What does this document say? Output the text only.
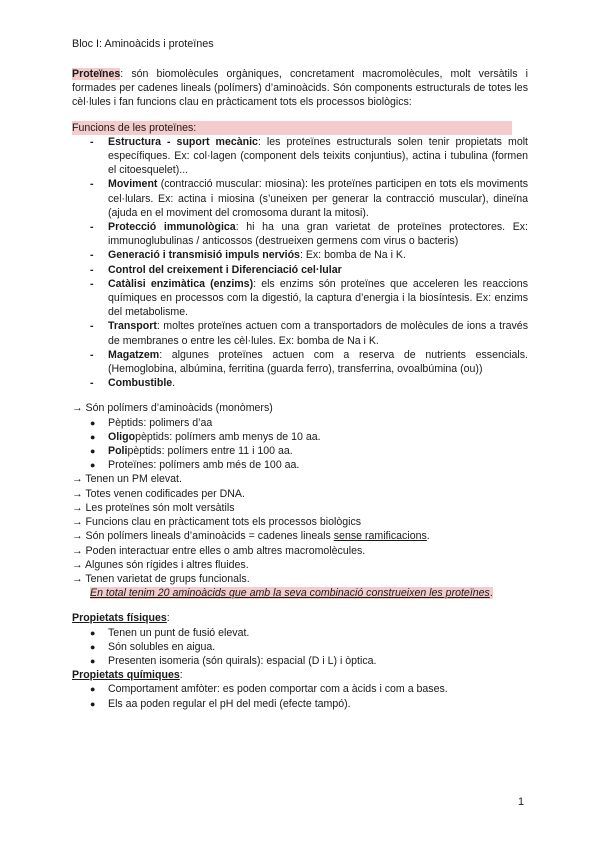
Bloc I: Aminoàcids i proteïnes

Proteïnes: són biomolècules orgàniques, concretament macromolècules, molt versàtils i formades per cadenes lineals (polímers) d’aminoàcids. Són components estructurals de totes les cèl·lules i fan funcions clau en pràcticament tots els processos biològics:

Funcions de les proteïnes:
- Estructura - suport mecànic: les proteïnes estructurals solen tenir propietats molt específiques. Ex: col·lagen (component dels teixits conjuntius), actina i tubulina (formen el citoesquelet)...
- Moviment (contracció muscular: miosina): les proteïnes participen en tots els moviments cel·lulars. Ex: actina i miosina (s’uneixen per generar la contracció muscular), dineïna (ajuda en el moviment del cromosoma durant la mitosi).
- Protecció immunològica: hi ha una gran varietat de proteïnes protectores. Ex: immunoglubulinas / anticossos (destrueixen germens com virus o bacteris)
- Generació i transmisió impuls nerviós: Ex: bomba de Na i K.
- Control del creixement i Diferenciació cel·lular
- Catàlisi enzimàtica (enzims): els enzims són proteïnes que acceleren les reaccions químiques en processos com la digestió, la captura d’energia i la biosíntesis. Ex: enzims del metabolisme.
- Transport: moltes proteïnes actuen com a transportadors de molècules de ions a través de membranes o entre les cèl·lules. Ex: bomba de Na i K.
- Magatzem: algunes proteïnes actuen com a reserva de nutrients essencials. (Hemoglobina, albúmina, ferritina (guarda ferro), transferrina, ovoalbúmina (ou))
- Combustible.

→ Són polímers d’aminoàcids (monòmers)

● Pèptids: polimers d’aa
● Oligopèptids: polímers amb menys de 10 aa.
● Polipèptids: polímers entre 11 i 100 aa.
● Proteïnes: polímers amb més de 100 aa.

→ Tenen un PM elevat.

→ Totes venen codificades per DNA.

→ Les proteïnes són molt versàtils

→ Funcions clau en pràcticament tots els processos biològics

→ Són polímers lineals d’aminoàcids = cadenes lineals sense ramificacions.

→ Poden interactuar entre elles o amb altres macromolècules.

→ Algunes són rígides i altres fluides.

→ Tenen varietat de grups funcionals.

En total tenim 20 aminoàcids que amb la seva combinació construeixen les proteïnes.

Propietats físiques:

● Tenen un punt de fusió elevat.
● Són solubles en aigua.
● Presenten isomeria (són quirals): espacial (D i L) i òptica.

Propietats químiques:

● Comportament amfòter: es poden comportar com a àcids i com a bases.
● Els aa poden regular el pH del medi (efecte tampó).
1
